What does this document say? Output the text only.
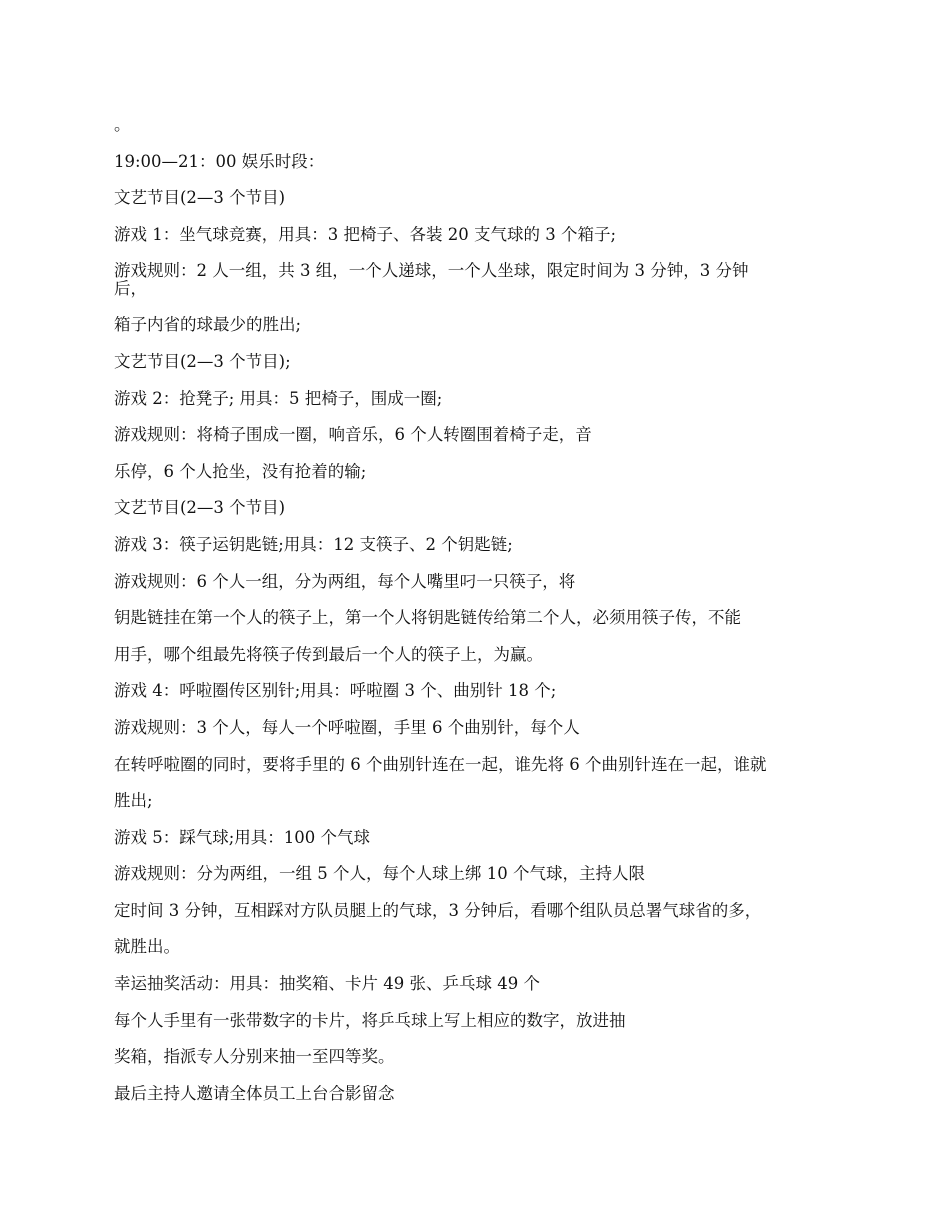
。
19:00—21：00 娱乐时段：
文艺节目(2—3 个节目)
游戏 1：坐气球竞赛，用具：3 把椅子、各装 20 支气球的 3 个箱子;
游戏规则：2 人一组，共 3 组，一个人递球，一个人坐球，限定时间为 3 分钟，3 分钟
后，
箱子内省的球最少的胜出;
文艺节目(2—3 个节目);
游戏 2：抢凳子; 用具：5 把椅子，围成一圈;
游戏规则：将椅子围成一圈，响音乐，6 个人转圈围着椅子走，音
乐停，6 个人抢坐，没有抢着的输;
文艺节目(2—3 个节目)
游戏 3：筷子运钥匙链;用具：12 支筷子、2 个钥匙链;
游戏规则：6 个人一组，分为两组，每个人嘴里叼一只筷子，将
钥匙链挂在第一个人的筷子上，第一个人将钥匙链传给第二个人，必须用筷子传，不能
用手，哪个组最先将筷子传到最后一个人的筷子上，为赢。
游戏 4：呼啦圈传区别针;用具：呼啦圈 3 个、曲别针 18 个;
游戏规则：3 个人，每人一个呼啦圈，手里 6 个曲别针，每个人
在转呼啦圈的同时，要将手里的 6 个曲别针连在一起，谁先将 6 个曲别针连在一起，谁就
胜出;
游戏 5：踩气球;用具：100 个气球
游戏规则：分为两组，一组 5 个人，每个人球上绑 10 个气球，主持人限
定时间 3 分钟，互相踩对方队员腿上的气球，3 分钟后，看哪个组队员总署气球省的多，
就胜出。
幸运抽奖活动：用具：抽奖箱、卡片 49 张、乒乓球 49 个
每个人手里有一张带数字的卡片，将乒乓球上写上相应的数字，放进抽
奖箱，指派专人分别来抽一至四等奖。
最后主持人邀请全体员工上台合影留念
